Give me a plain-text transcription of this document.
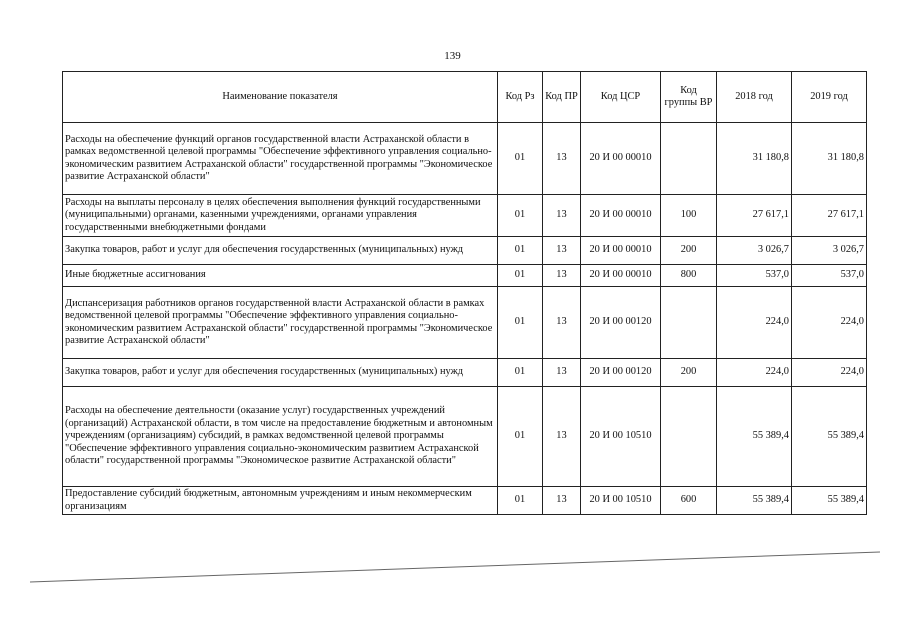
139
Наименование показателя	Код Рз	Код ПР	Код ЦСР	Код группы ВР	2018 год	2019 год
Расходы на обеспечение функций органов государственной власти Астраханской области в рамках ведомственной целевой программы "Обеспечение эффективного управления социально-экономическим развитием Астраханской области" государственной программы "Экономическое развитие Астраханской области"	01	13	20 И 00 00010		31 180,8	31 180,8
Расходы на выплаты персоналу в целях обеспечения выполнения функций государственными (муниципальными) органами, казенными учреждениями, органами управления государственными внебюджетными фондами	01	13	20 И 00 00010	100	27 617,1	27 617,1
Закупка товаров, работ и услуг для обеспечения государственных (муниципальных) нужд	01	13	20 И 00 00010	200	3 026,7	3 026,7
Иные бюджетные ассигнования	01	13	20 И 00 00010	800	537,0	537,0
Диспансеризация работников органов государственной власти Астраханской области в рамках ведомственной целевой программы "Обеспечение эффективного управления социально-экономическим развитием Астраханской области" государственной программы "Экономическое развитие Астраханской области"	01	13	20 И 00 00120		224,0	224,0
Закупка товаров, работ и услуг для обеспечения государственных (муниципальных) нужд	01	13	20 И 00 00120	200	224,0	224,0
Расходы на обеспечение деятельности (оказание услуг) государственных учреждений (организаций) Астраханской области, в том числе на предоставление бюджетным и автономным учреждениям (организациям) субсидий, в рамках ведомственной целевой программы "Обеспечение эффективного управления социально-экономическим развитием Астраханской области" государственной программы "Экономическое развитие Астраханской области"	01	13	20 И 00 10510		55 389,4	55 389,4
Предоставление субсидий бюджетным, автономным учреждениям и иным некоммерческим организациям	01	13	20 И 00 10510	600	55 389,4	55 389,4
